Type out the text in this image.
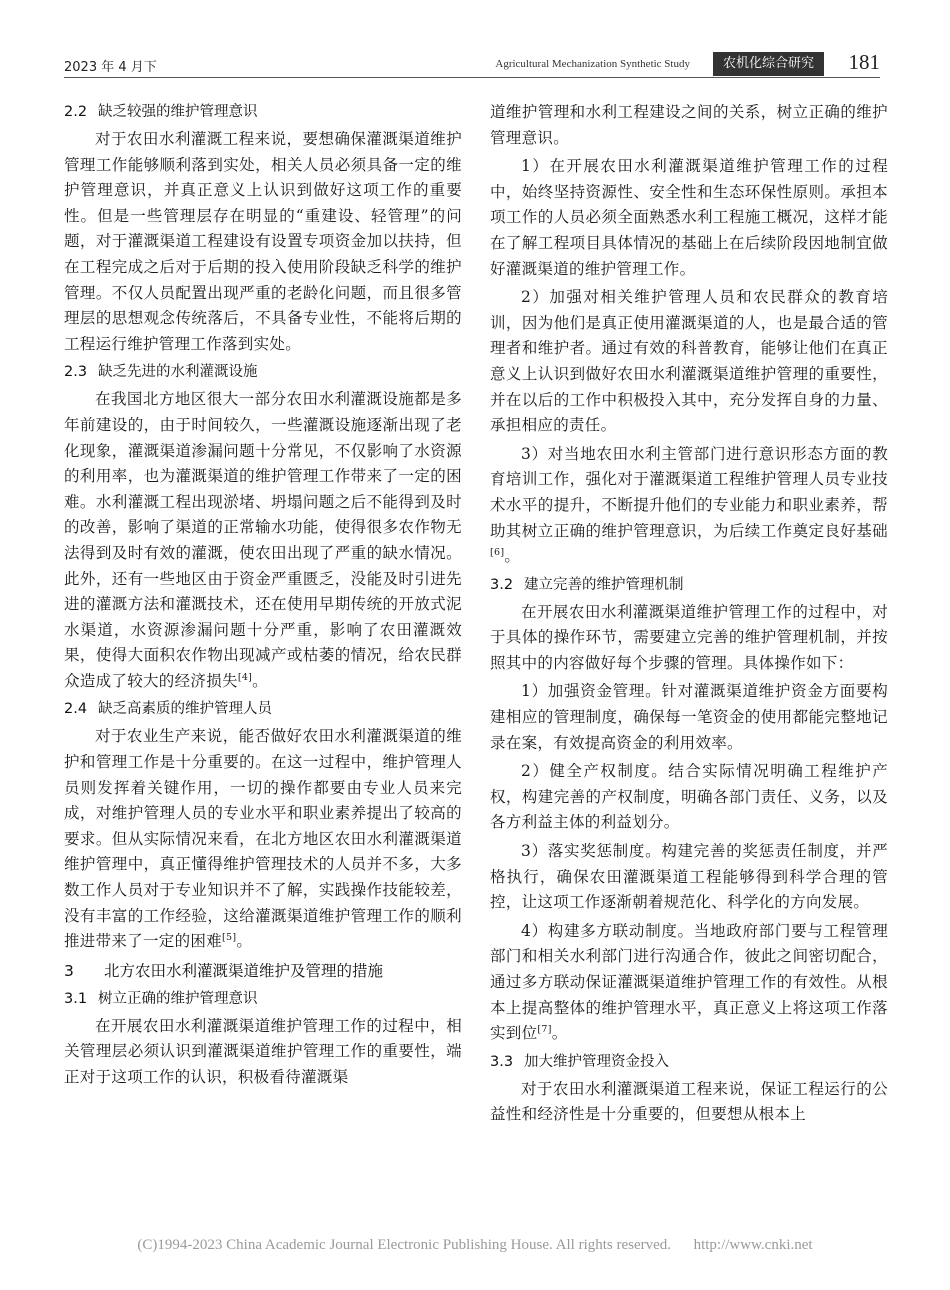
2023 年 4 月下	Agricultural Mechanization Synthetic Study	农机化综合研究	181
2.2 缺乏较强的维护管理意识

对于农田水利灌溉工程来说，要想确保灌溉渠道维护管理工作能够顺利落到实处，相关人员必须具备一定的维护管理意识，并真正意义上认识到做好这项工作的重要性。但是一些管理层存在明显的“重建设、轻管理”的问题，对于灌溉渠道工程建设有设置专项资金加以扶持，但在工程完成之后对于后期的投入使用阶段缺乏科学的维护管理。不仅人员配置出现严重的老龄化问题，而且很多管理层的思想观念传统落后，不具备专业性，不能将后期的工程运行维护管理工作落到实处。

2.3 缺乏先进的水利灌溉设施

在我国北方地区很大一部分农田水利灌溉设施都是多年前建设的，由于时间较久，一些灌溉设施逐渐出现了老化现象，灌溉渠道渗漏问题十分常见，不仅影响了水资源的利用率，也为灌溉渠道的维护管理工作带来了一定的困难。水利灌溉工程出现淤堵、坍塌问题之后不能得到及时的改善，影响了渠道的正常输水功能，使得很多农作物无法得到及时有效的灌溉，使农田出现了严重的缺水情况。此外，还有一些地区由于资金严重匮乏，没能及时引进先进的灌溉方法和灌溉技术，还在使用早期传统的开放式泥水渠道，水资源渗漏问题十分严重，影响了农田灌溉效果，使得大面积农作物出现减产或枯萎的情况，给农民群众造成了较大的经济损失[4]。

2.4 缺乏高素质的维护管理人员

对于农业生产来说，能否做好农田水利灌溉渠道的维护和管理工作是十分重要的。在这一过程中，维护管理人员则发挥着关键作用，一切的操作都要由专业人员来完成，对维护管理人员的专业水平和职业素养提出了较高的要求。但从实际情况来看，在北方地区农田水利灌溉渠道维护管理中，真正懂得维护管理技术的人员并不多，大多数工作人员对于专业知识并不了解，实践操作技能较差，没有丰富的工作经验，这给灌溉渠道维护管理工作的顺利推进带来了一定的困难[5]。

3 北方农田水利灌溉渠道维护及管理的措施
3.1 树立正确的维护管理意识

在开展农田水利灌溉渠道维护管理工作的过程中，相关管理层必须认识到灌溉渠道维护管理工作的重要性，端正对于这项工作的认识，积极看待灌溉渠

道维护管理和水利工程建设之间的关系，树立正确的维护管理意识。

1）在开展农田水利灌溉渠道维护管理工作的过程中，始终坚持资源性、安全性和生态环保性原则。承担本项工作的人员必须全面熟悉水利工程施工概况，这样才能在了解工程项目具体情况的基础上在后续阶段因地制宜做好灌溉渠道的维护管理工作。

2）加强对相关维护管理人员和农民群众的教育培训，因为他们是真正使用灌溉渠道的人，也是最合适的管理者和维护者。通过有效的科普教育，能够让他们在真正意义上认识到做好农田水利灌溉渠道维护管理的重要性，并在以后的工作中积极投入其中，充分发挥自身的力量、承担相应的责任。

3）对当地农田水利主管部门进行意识形态方面的教育培训工作，强化对于灌溉渠道工程维护管理人员专业技术水平的提升，不断提升他们的专业能力和职业素养，帮助其树立正确的维护管理意识，为后续工作奠定良好基础[6]。

3.2 建立完善的维护管理机制

在开展农田水利灌溉渠道维护管理工作的过程中，对于具体的操作环节，需要建立完善的维护管理机制，并按照其中的内容做好每个步骤的管理。具体操作如下：

1）加强资金管理。针对灌溉渠道维护资金方面要构建相应的管理制度，确保每一笔资金的使用都能完整地记录在案，有效提高资金的利用效率。

2）健全产权制度。结合实际情况明确工程维护产权，构建完善的产权制度，明确各部门责任、义务，以及各方利益主体的利益划分。

3）落实奖惩制度。构建完善的奖惩责任制度，并严格执行，确保农田灌溉渠道工程能够得到科学合理的管控，让这项工作逐渐朝着规范化、科学化的方向发展。

4）构建多方联动制度。当地政府部门要与工程管理部门和相关水利部门进行沟通合作，彼此之间密切配合，通过多方联动保证灌溉渠道维护管理工作的有效性。从根本上提高整体的维护管理水平，真正意义上将这项工作落实到位[7]。

3.3 加大维护管理资金投入

对于农田水利灌溉渠道工程来说，保证工程运行的公益性和经济性是十分重要的，但要想从根本上

(C)1994-2023 China Academic Journal Electronic Publishing House. All rights reserved. http://www.cnki.net
